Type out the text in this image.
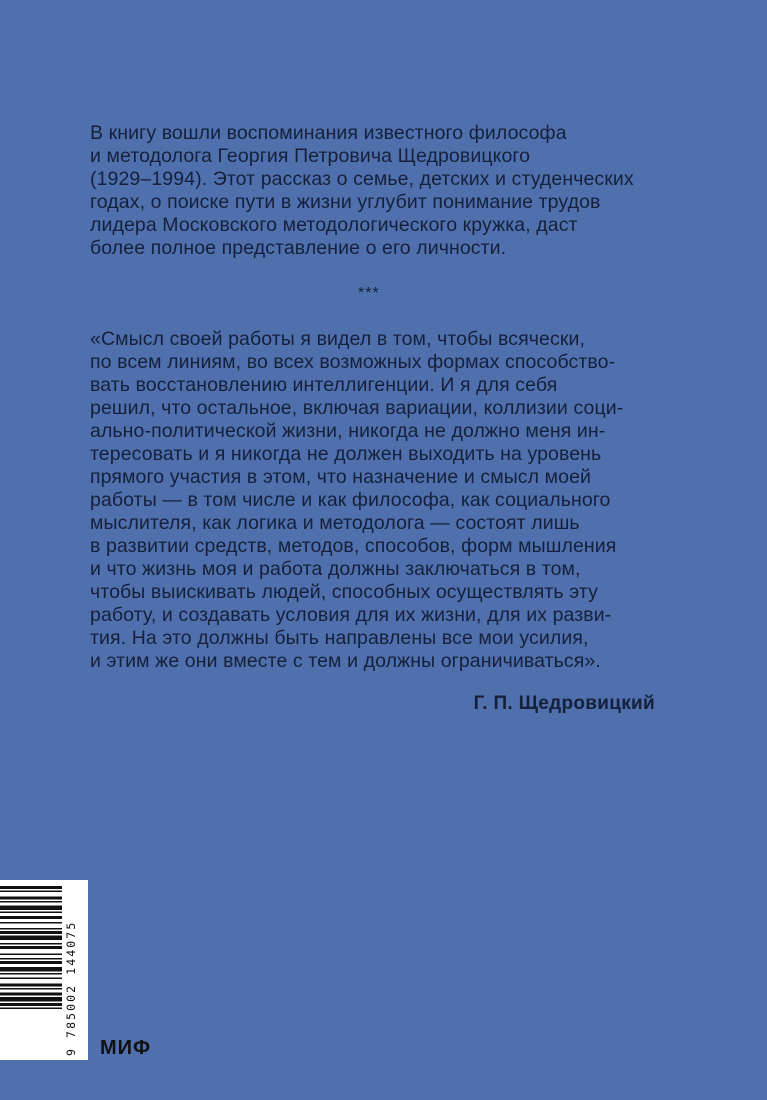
В книгу вошли воспоминания известного философа
и методолога Георгия Петровича Щедровицкого
(1929–1994). Этот рассказ о семье, детских и студенческих
годах, о поиске пути в жизни углубит понимание трудов
лидера Московского методологического кружка, даст
более полное представление о его личности.
***
«Смысл своей работы я видел в том, чтобы всячески,
по всем линиям, во всех возможных формах способство-
вать восстановлению интеллигенции. И я для себя
решил, что остальное, включая вариации, коллизии соци-
ально-политической жизни, никогда не должно меня ин-
тересовать и я никогда не должен выходить на уровень
прямого участия в этом, что назначение и смысл моей
работы — в том числе и как философа, как социального
мыслителя, как логика и методолога — состоят лишь
в развитии средств, методов, способов, форм мышления
и что жизнь моя и работа должны заключаться в том,
чтобы выискивать людей, способных осуществлять эту
работу, и создавать условия для их жизни, для их разви-
тия. На это должны быть направлены все мои усилия,
и этим же они вместе с тем и должны ограничиваться».
Г. П. Щедровицкий
9 785002 144075 МИФ
